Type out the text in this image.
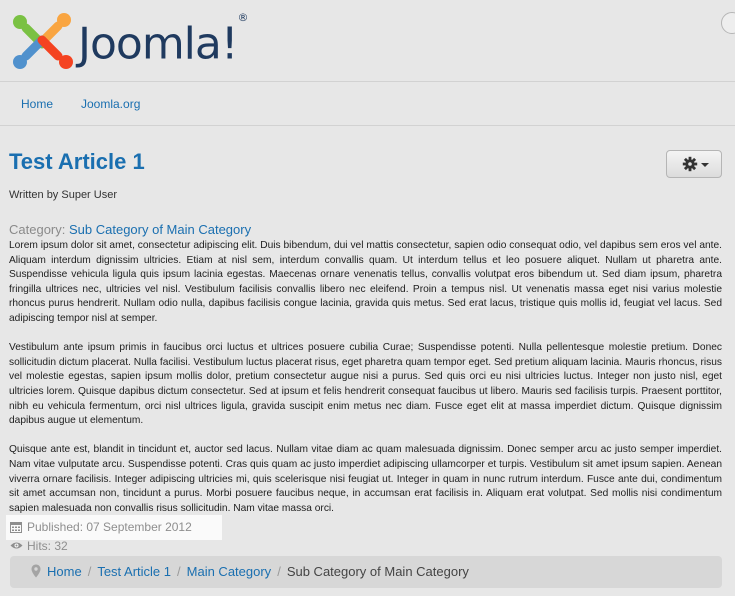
Joomla!®
Home Joomla.org
Test Article 1
Written by Super User
Category: Sub Category of Main Category

Lorem ipsum dolor sit amet, consectetur adipiscing elit. Duis bibendum, dui vel mattis consectetur, sapien odio consequat odio, vel dapibus sem eros vel ante. Aliquam interdum dignissim ultricies. Etiam at nisl sem, interdum convallis quam. Ut interdum tellus et leo posuere aliquet. Nullam ut pharetra ante. Suspendisse vehicula ligula quis ipsum lacinia egestas. Maecenas ornare venenatis tellus, convallis volutpat eros bibendum ut. Sed diam ipsum, pharetra fringilla ultrices nec, ultricies vel nisl. Vestibulum facilisis convallis libero nec eleifend. Proin a tempus nisl. Ut venenatis massa eget nisi varius molestie rhoncus purus hendrerit. Nullam odio nulla, dapibus facilisis congue lacinia, gravida quis metus. Sed erat lacus, tristique quis mollis id, feugiat vel lacus. Sed adipiscing tempor nisl at semper.

Vestibulum ante ipsum primis in faucibus orci luctus et ultrices posuere cubilia Curae; Suspendisse potenti. Nulla pellentesque molestie pretium. Donec sollicitudin dictum placerat. Nulla facilisi. Vestibulum luctus placerat risus, eget pharetra quam tempor eget. Sed pretium aliquam lacinia. Mauris rhoncus, risus vel molestie egestas, sapien ipsum mollis dolor, pretium consectetur augue nisi a purus. Sed quis orci eu nisi ultricies luctus. Integer non justo nisl, eget ultricies lorem. Quisque dapibus dictum consectetur. Sed at ipsum et felis hendrerit consequat faucibus ut libero. Mauris sed facilisis turpis. Praesent porttitor, nibh eu vehicula fermentum, orci nisl ultrices ligula, gravida suscipit enim metus nec diam. Fusce eget elit at massa imperdiet dictum. Quisque dignissim dapibus augue ut elementum.

Quisque ante est, blandit in tincidunt et, auctor sed lacus. Nullam vitae diam ac quam malesuada dignissim. Donec semper arcu ac justo semper imperdiet. Nam vitae vulputate arcu. Suspendisse potenti. Cras quis quam ac justo imperdiet adipiscing ullamcorper et turpis. Vestibulum sit amet ipsum sapien. Aenean viverra ornare facilisis. Integer adipiscing ultricies mi, quis scelerisque nisi feugiat ut. Integer in quam in nunc rutrum interdum. Fusce ante dui, condimentum sit amet accumsan non, tincidunt a purus. Morbi posuere faucibus neque, in accumsan erat facilisis in. Aliquam erat volutpat. Sed mollis nisi condimentum sapien malesuada non convallis risus sollicitudin. Nam vitae massa orci.

Published: 07 September 2012
Hits: 32
Home / Test Article 1 / Main Category / Sub Category of Main Category
